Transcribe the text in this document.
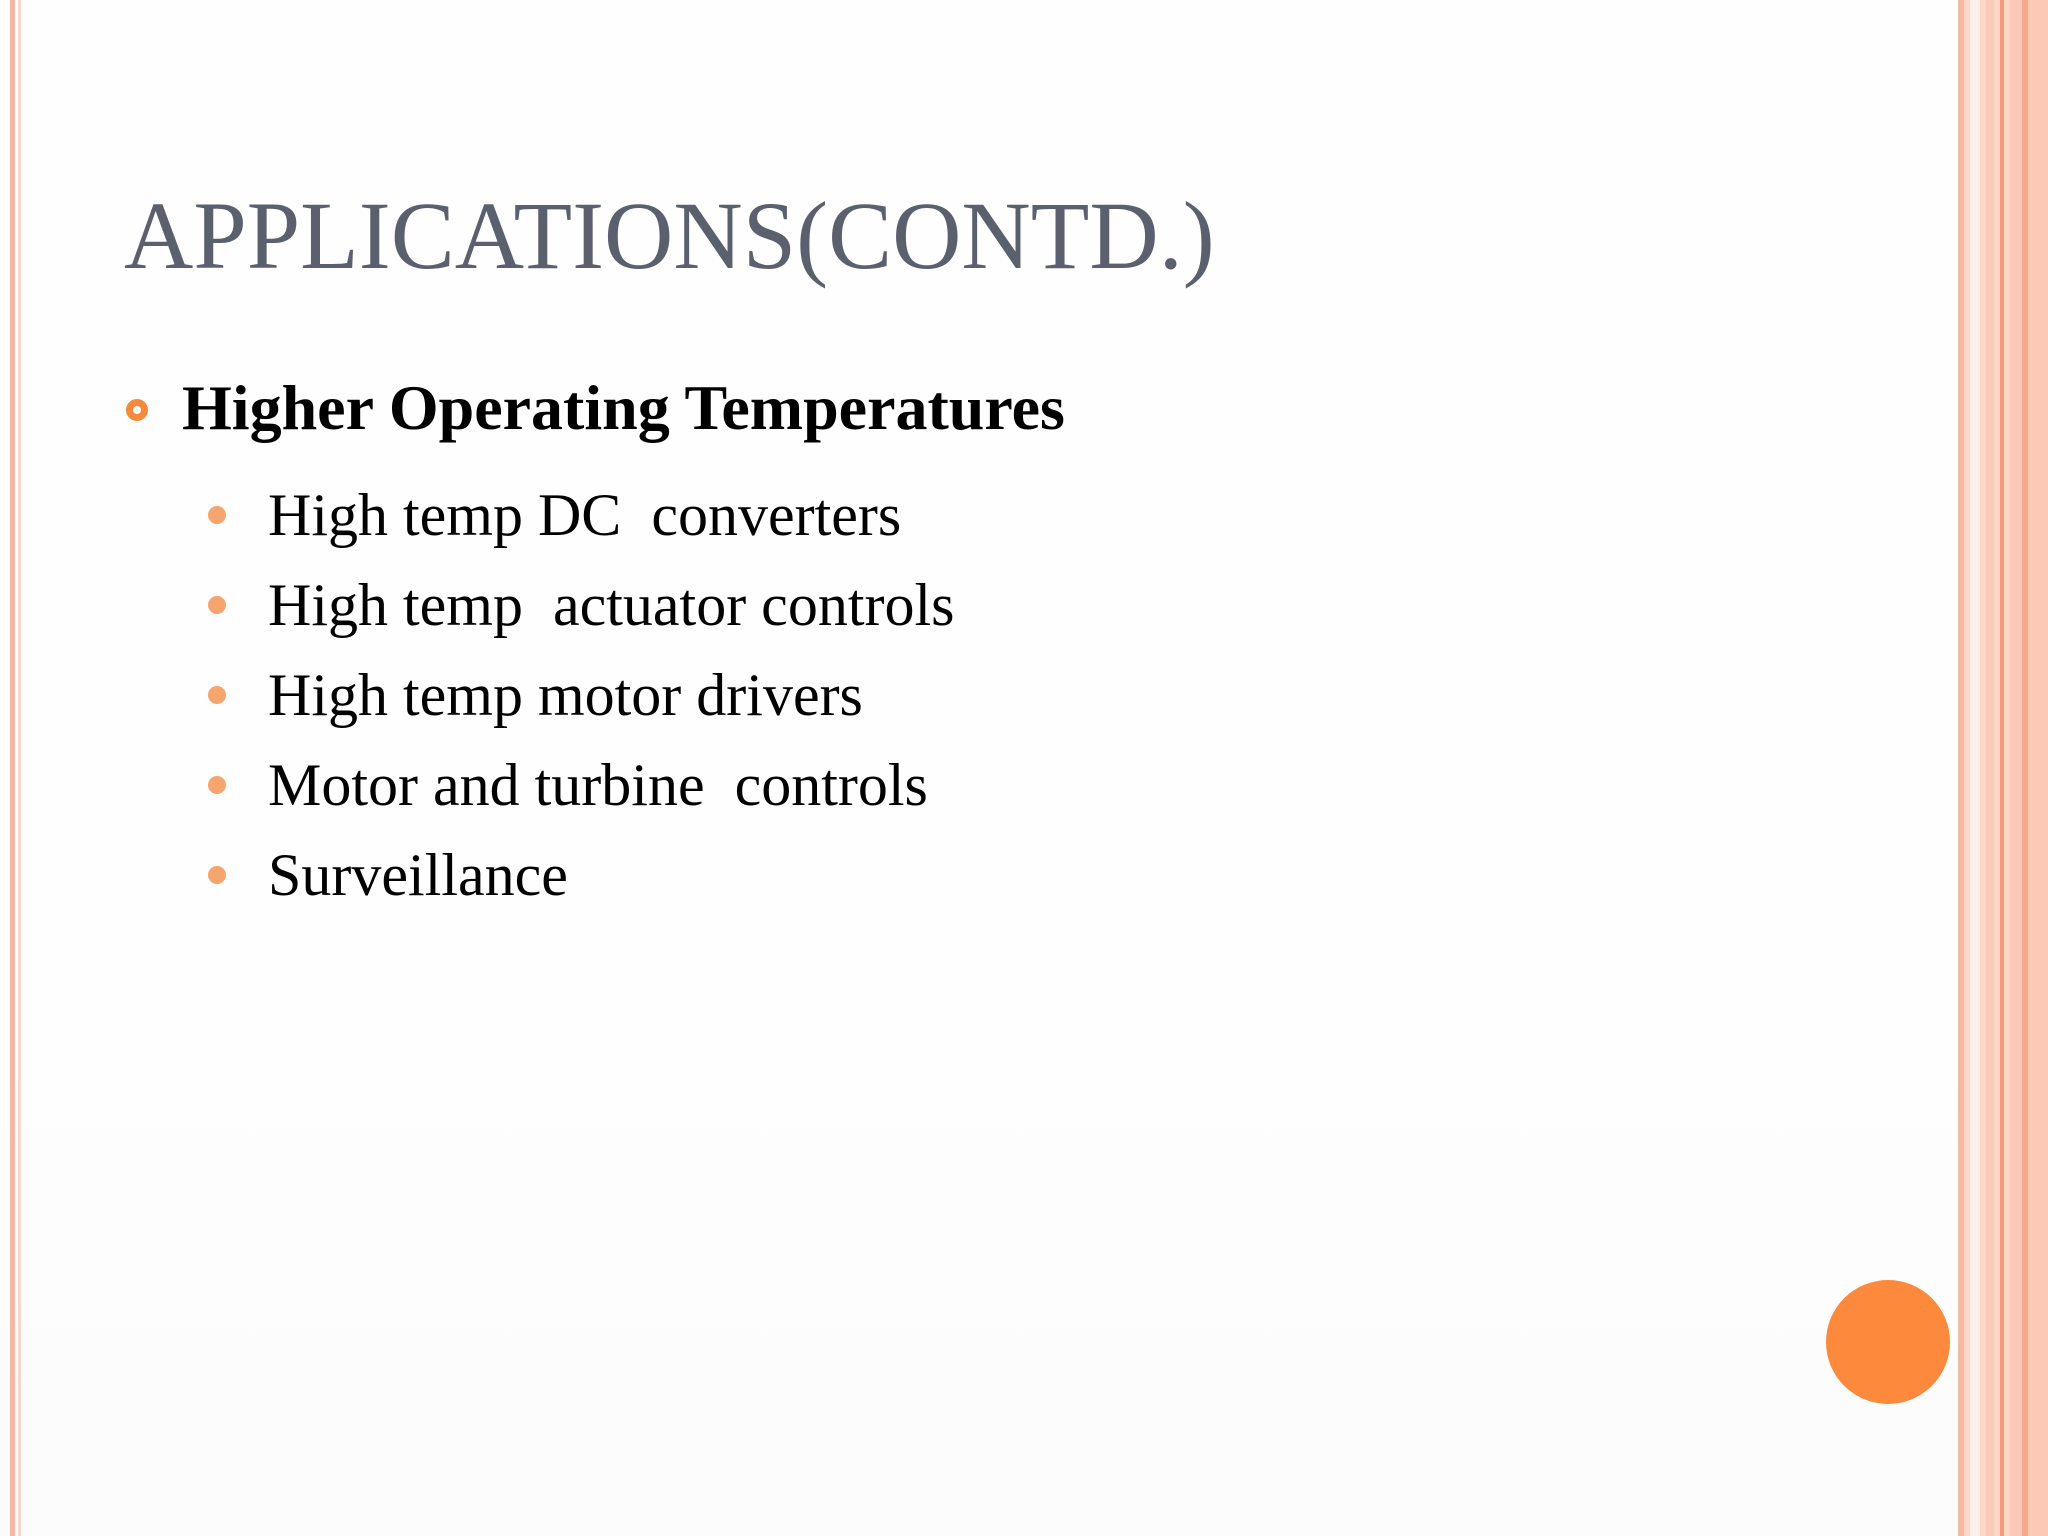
APPLICATIONS(CONTD.)
Higher Operating Temperatures
High temp DC  converters
High temp  actuator controls
High temp motor drivers
Motor and turbine  controls
Surveillance
